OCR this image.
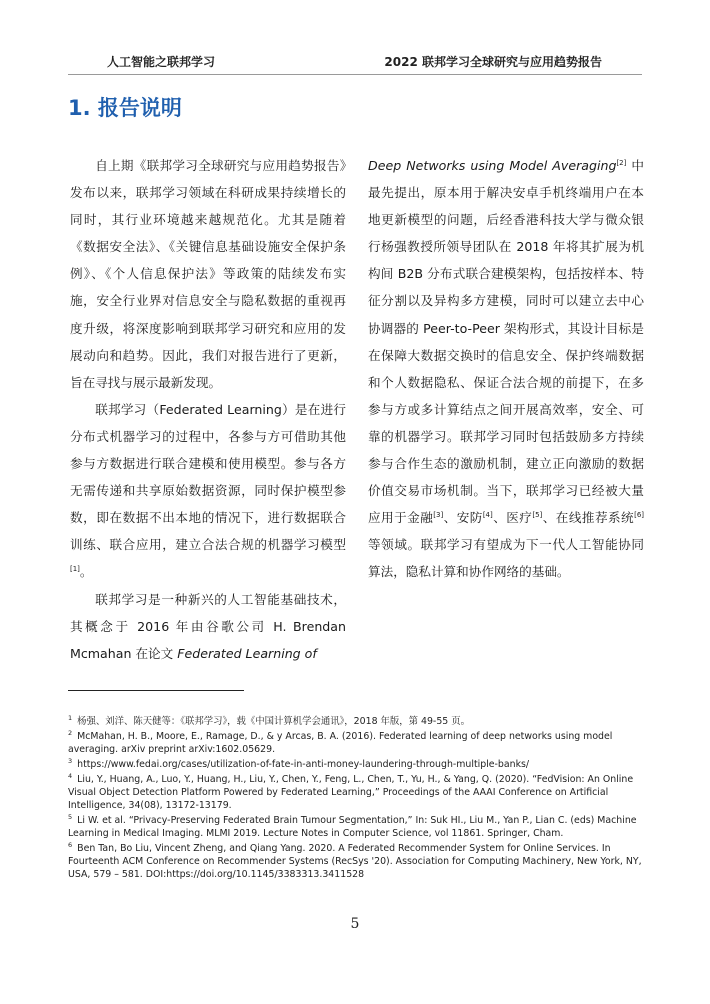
人工智能之联邦学习	2022 联邦学习全球研究与应用趋势报告
1. 报告说明

自上期《联邦学习全球研究与应用趋势报告》发布以来，联邦学习领域在科研成果持续增长的同时，其行业环境越来越规范化。尤其是随着《数据安全法》、《关键信息基础设施安全保护条例》、《个人信息保护法》等政策的陆续发布实施，安全行业界对信息安全与隐私数据的重视再度升级，将深度影响到联邦学习研究和应用的发展动向和趋势。因此，我们对报告进行了更新，旨在寻找与展示最新发现。

联邦学习（Federated Learning）是在进行分布式机器学习的过程中，各参与方可借助其他参与方数据进行联合建模和使用模型。参与各方无需传递和共享原始数据资源，同时保护模型参数，即在数据不出本地的情况下，进行数据联合训练、联合应用，建立合法合规的机器学习模型[1]。

联邦学习是一种新兴的人工智能基础技术，其概念于 2016 年由谷歌公司 H. Brendan Mcmahan 在论文 Federated Learning of

Deep Networks using Model Averaging[2] 中最先提出，原本用于解决安卓手机终端用户在本地更新模型的问题，后经香港科技大学与微众银行杨强教授所领导团队在 2018 年将其扩展为机构间 B2B 分布式联合建模架构，包括按样本、特征分割以及异构多方建模，同时可以建立去中心协调器的 Peer-to-Peer 架构形式，其设计目标是在保障大数据交换时的信息安全、保护终端数据和个人数据隐私、保证合法合规的前提下，在多参与方或多计算结点之间开展高效率，安全、可靠的机器学习。联邦学习同时包括鼓励多方持续参与合作生态的激励机制，建立正向激励的数据价值交易市场机制。当下，联邦学习已经被大量应用于金融[3]、安防[4]、医疗[5]、在线推荐系统[6]等领域。联邦学习有望成为下一代人工智能协同算法，隐私计算和协作网络的基础。

$^1$ 杨强、刘洋、陈天健等：《联邦学习》，载《中国计算机学会通讯》，2018 年版，第 49-55 页。

$^2$ McMahan, H. B., Moore, E., Ramage, D., & y Arcas, B. A. (2016). Federated learning of deep networks using model averaging. arXiv preprint arXiv:1602.05629.

$^3$ https://www.fedai.org/cases/utilization-of-fate-in-anti-money-laundering-through-multiple-banks/

$^4$ Liu, Y., Huang, A., Luo, Y., Huang, H., Liu, Y., Chen, Y., Feng, L., Chen, T., Yu, H., & Yang, Q. (2020). “FedVision: An Online Visual Object Detection Platform Powered by Federated Learning,” Proceedings of the AAAI Conference on Artificial Intelligence, 34(08), 13172-13179.

$^5$ Li W. et al. “Privacy-Preserving Federated Brain Tumour Segmentation,” In: Suk HI., Liu M., Yan P., Lian C. (eds) Machine Learning in Medical Imaging. MLMI 2019. Lecture Notes in Computer Science, vol 11861. Springer, Cham.

$^6$ Ben Tan, Bo Liu, Vincent Zheng, and Qiang Yang. 2020. A Federated Recommender System for Online Services. In Fourteenth ACM Conference on Recommender Systems (RecSys '20). Association for Computing Machinery, New York, NY, USA, 579 – 581. DOI:https://doi.org/10.1145/3383313.3411528

5
